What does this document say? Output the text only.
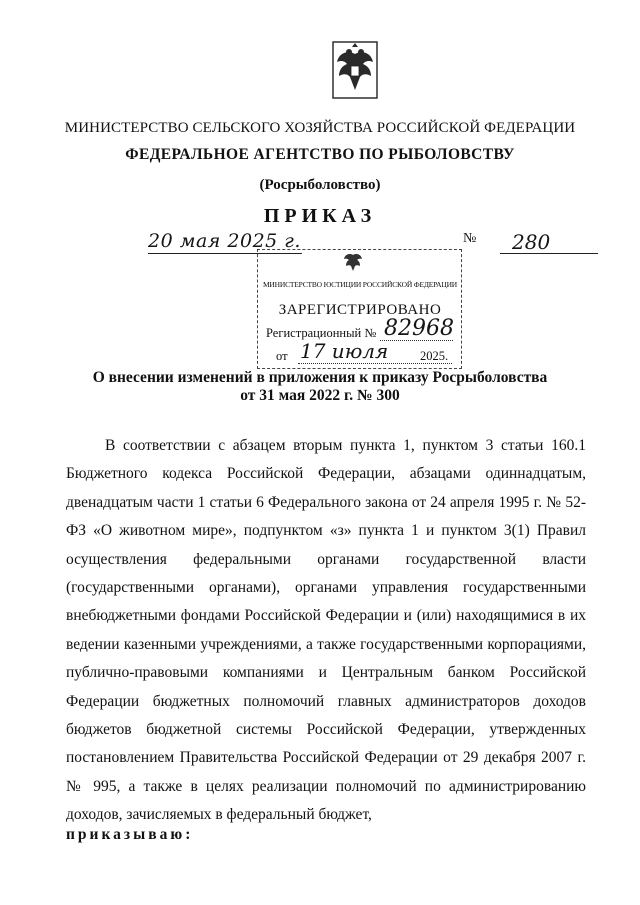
МИНИСТЕРСТВО СЕЛЬСКОГО ХОЗЯЙСТВА РОССИЙСКОЙ ФЕДЕРАЦИИ
ФЕДЕРАЛЬНОЕ АГЕНТСТВО ПО РЫБОЛОВСТВУ
(Росрыболовство)
ПРИКАЗ
20 мая 2025 г.	№ 280
МИНИСТЕРСТВО ЮСТИЦИИ РОССИЙСКОЙ ФЕДЕРАЦИИ
ЗАРЕГИСТРИРОВАНО
Регистрационный № 82968
от 17 июля	2025.
О внесении изменений в приложения к приказу Росрыболовства
от 31 мая 2022 г. № 300
В соответствии с абзацем вторым пункта 1, пунктом 3 статьи 160.1 Бюджетного кодекса Российской Федерации, абзацами одиннадцатым, двенадцатым части 1 статьи 6 Федерального закона от 24 апреля 1995 г. № 52-ФЗ «О животном мире», подпунктом «з» пункта 1 и пунктом 3(1) Правил осуществления федеральными органами государственной власти (государственными органами), органами управления государственными внебюджетными фондами Российской Федерации и (или) находящимися в их ведении казенными учреждениями, а также государственными корпорациями, публично-правовыми компаниями и Центральным банком Российской Федерации бюджетных полномочий главных администраторов доходов бюджетов бюджетной системы Российской Федерации, утвержденных постановлением Правительства Российской Федерации от 29 декабря 2007 г. № 995, а также в целях реализации полномочий по администрированию доходов, зачисляемых в федеральный бюджет,
приказываю:
